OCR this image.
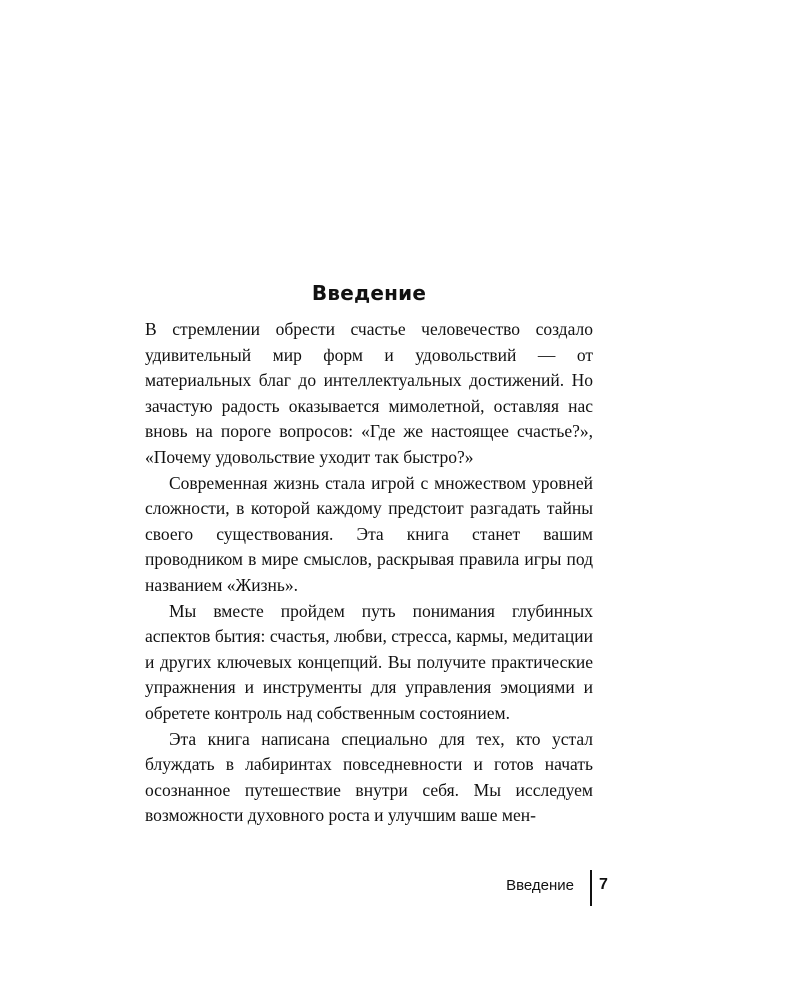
Введение

В стремлении обрести счастье человечество создало удивительный мир форм и удовольствий — от материальных благ до интеллектуальных достижений. Но зачастую радость оказывается мимолетной, оставляя нас вновь на пороге вопросов: «Где же настоящее счастье?», «Почему удовольствие уходит так быстро?»

Современная жизнь стала игрой с множеством уровней сложности, в которой каждому предстоит разгадать тайны своего существования. Эта книга станет вашим проводником в мире смыслов, раскрывая правила игры под названием «Жизнь».

Мы вместе пройдем путь понимания глубинных аспектов бытия: счастья, любви, стресса, кармы, медитации и других ключевых концепций. Вы получите практические упражнения и инструменты для управления эмоциями и обретете контроль над собственным состоянием.

Эта книга написана специально для тех, кто устал блуждать в лабиринтах повседневности и готов начать осознанное путешествие внутри себя. Мы исследуем возможности духовного роста и улучшим ваше мен-

Введение 7
